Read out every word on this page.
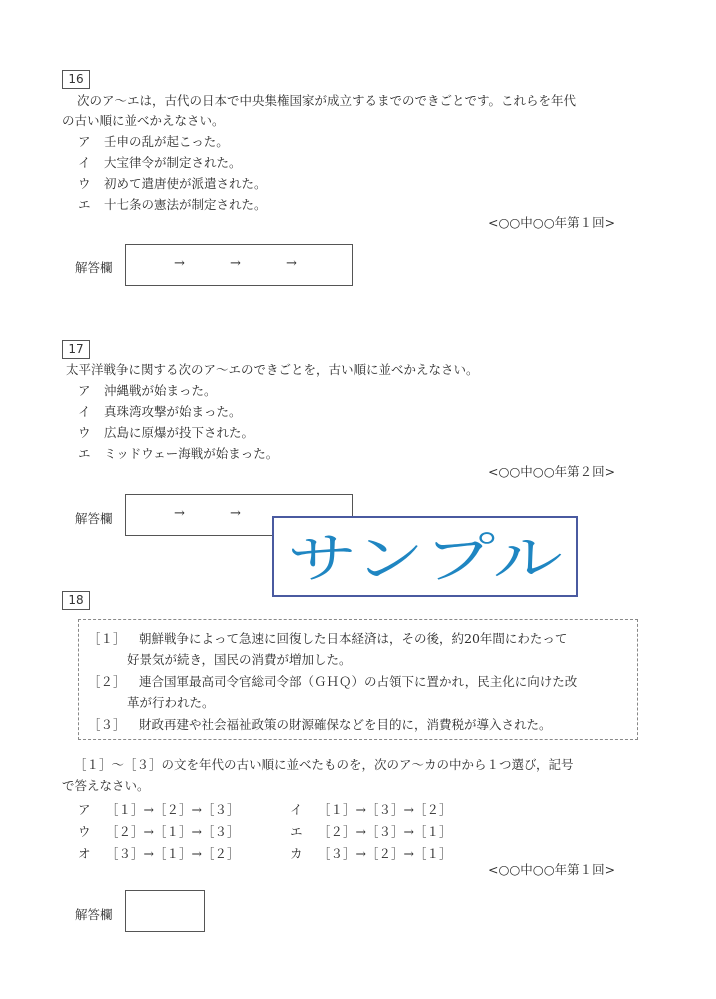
16
次のア～エは，古代の日本で中央集権国家が成立するまでのできごとです。これらを年代
の古い順に並べかえなさい。
ア 壬申の乱が起こった。
イ 大宝律令が制定された。
ウ 初めて遣唐使が派遣された。
エ 十七条の憲法が制定された。
<○○中○○年第１回>
解答欄	→	→	→
17
太平洋戦争に関する次のア～エのできごとを，古い順に並べかえなさい。
ア 沖縄戦が始まった。
イ 真珠湾攻撃が始まった。
ウ 広島に原爆が投下された。
エ ミッドウェー海戦が始まった。
<○○中○○年第２回>
解答欄	→	→
サンプル
18
［１］ 朝鮮戦争によって急速に回復した日本経済は，その後，約20年間にわたって
好景気が続き，国民の消費が増加した。
［２］ 連合国軍最高司令官総司令部（ＧＨＱ）の占領下に置かれ，民主化に向けた改
革が行われた。
［３］ 財政再建や社会福祉政策の財源確保などを目的に，消費税が導入された。
［１］～［３］の文を年代の古い順に並べたものを，次のア～カの中から１つ選び，記号
で答えなさい。
ア ［１］→［２］→［３］	イ ［１］→［３］→［２］
ウ ［２］→［１］→［３］	エ ［２］→［３］→［１］
オ ［３］→［１］→［２］	カ ［３］→［２］→［１］
<○○中○○年第１回>
解答欄
